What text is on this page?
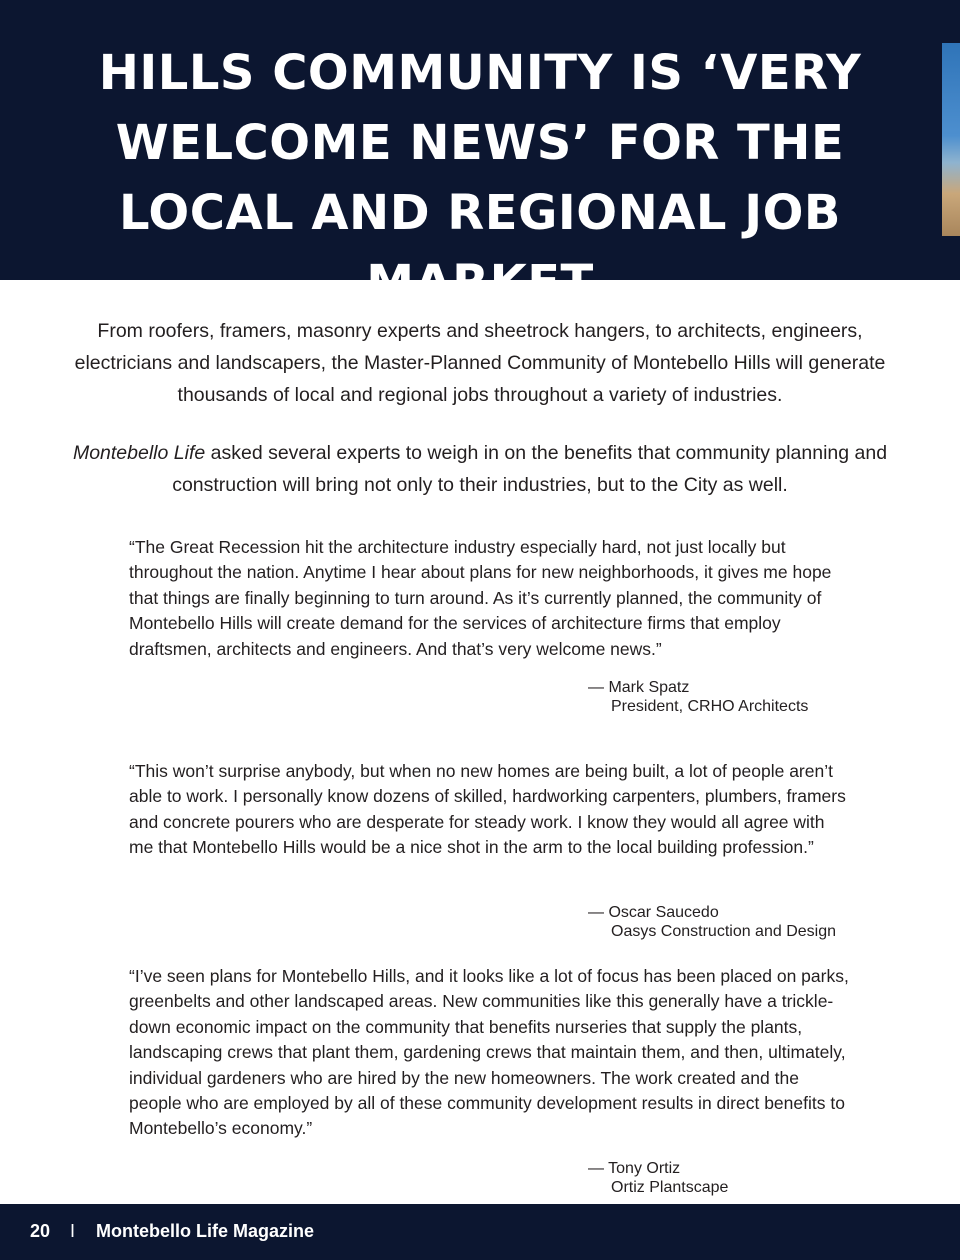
HILLS COMMUNITY IS ‘VERY WELCOME NEWS’ FOR THE LOCAL AND REGIONAL JOB MARKET

From roofers, framers, masonry experts and sheetrock hangers, to architects, engineers, electricians and landscapers, the Master-Planned Community of Montebello Hills will generate thousands of local and regional jobs throughout a variety of industries.

Montebello Life asked several experts to weigh in on the benefits that community planning and construction will bring not only to their industries, but to the City as well.

“The Great Recession hit the architecture industry especially hard, not just locally but throughout the nation. Anytime I hear about plans for new neighborhoods, it gives me hope that things are finally beginning to turn around. As it’s currently planned, the community of Montebello Hills will create demand for the services of architecture firms that employ draftsmen, architects and engineers. And that’s very welcome news.”

— Mark Spatz
President, CRHO Architects

“This won’t surprise anybody, but when no new homes are being built, a lot of people aren’t able to work. I personally know dozens of skilled, hardworking carpenters, plumbers, framers and concrete pourers who are desperate for steady work. I know they would all agree with me that Montebello Hills would be a nice shot in the arm to the local building profession.”

— Oscar Saucedo
Oasys Construction and Design

“I’ve seen plans for Montebello Hills, and it looks like a lot of focus has been placed on parks, greenbelts and other landscaped areas. New communities like this generally have a trickle-down economic impact on the community that benefits nurseries that supply the plants, landscaping crews that plant them, gardening crews that maintain them, and then, ultimately, individual gardeners who are hired by the new homeowners. The work created and the people who are employed by all of these community development results in direct benefits to Montebello’s economy.”

— Tony Ortiz
Ortiz Plantscape

20 I Montebello Life Magazine
